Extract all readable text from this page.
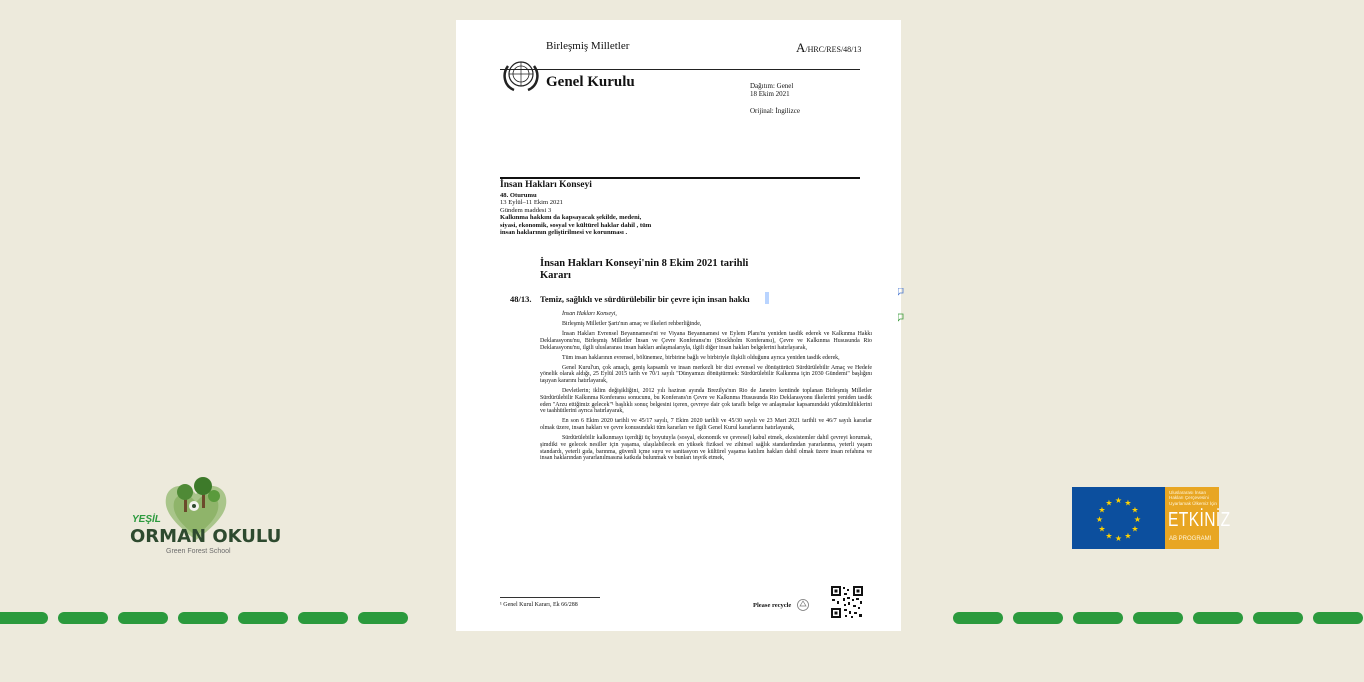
YEŞİL
ORMAN OKULU
Green Forest School
★ ★
★
★
★
★
★
★
★
★
★
★
Uluslararası İnsan Hakları Çerçevesini Uyarlamak Ülkemiz İçin
ETKİNİZ
AB PROGRAMI
Birleşmiş Milletler	A/HRC/RES/48/13
Genel Kurulu	Dağıtım: Genel
18 Ekim 2021
Orijinal: İngilizce
İnsan Hakları Konseyi
48. Oturumu
13 Eylül–11 Ekim 2021
Gündem maddesi 3
Kalkınma hakkını da kapsayacak şekilde, medeni,
siyasi, ekonomik, sosyal ve kültürel haklar dahil , tüm
insan haklarının geliştirilmesi ve korunması .
İnsan Hakları Konseyi'nin 8 Ekim 2021 tarihli
Kararı
48/13. Temiz, sağlıklı ve sürdürülebilir bir çevre için insan hakkı

İnsan Hakları Konseyi,

Birleşmiş Milletler Şartı'nın amaç ve ilkeleri rehberliğinde,

İnsan Hakları Evrensel Beyannamesi'ni ve Viyana Beyannamesi ve Eylem Planı'nı yeniden tasdik ederek ve Kalkınma Hakkı Deklarasyonu'nu, Birleşmiş Milletler İnsan ve Çevre Konferansı'nı (Stockholm Konferansı), Çevre ve Kalkınma Hususunda Rio Deklarasyonu'nu, ilgili uluslararası insan hakları anlaşmalarıyla, ilgili diğer insan hakları belgelerini hatırlayarak,

Tüm insan haklarının evrensel, bölünemez, birbirine bağlı ve birbiriyle ilişkili olduğunu ayrıca yeniden tasdik ederek,

Genel Kurul'un, çok amaçlı, geniş kapsamlı ve insan merkezli bir dizi evrensel ve dönüştürücü Sürdürülebilir Amaç ve Hedefe yönelik olarak aldığı, 25 Eylül 2015 tarih ve 70/1 sayılı "Dünyamızı dönüştürmek: Sürdürülebilir Kalkınma için 2030 Gündemi" başlığını taşıyan kararını hatırlayarak,

Devletlerin; iklim değişikliğini, 2012 yılı haziran ayında Brezilya'nın Rio de Janeiro kentinde toplanan Birleşmiş Milletler Sürdürülebilir Kalkınma Konferansı sonucunu, bu Konferans'ın Çevre ve Kalkınma Hususunda Rio Deklarasyonu ilkelerini yeniden tasdik eden "Arzu ettiğimiz gelecek"¹ başlıklı sonuç belgesini içeren, çevreye dair çok taraflı belge ve anlaşmalar kapsamındaki yükümlülüklerini ve taahhütlerini ayrıca hatırlayarak,

En son 6 Ekim 2020 tarihli ve 45/17 sayılı, 7 Ekim 2020 tarihli ve 45/30 sayılı ve 23 Mart 2021 tarihli ve 46/7 sayılı kararlar olmak üzere, insan hakları ve çevre konusundaki tüm kararları ve ilgili Genel Kurul kararlarını hatırlayarak,

Sürdürülebilir kalkınmayı içerdiği üç boyutuyla (sosyal, ekonomik ve çevresel) kabul etmek, ekosistemler dahil çevreyi korumak, şimdiki ve gelecek nesiller için yaşama, ulaşılabilecek en yüksek fiziksel ve zihinsel sağlık standardından yararlanma, yeterli yaşam standardı, yeterli gıda, barınma, güvenli içme suyu ve sanitasyon ve kültürel yaşama katılım hakları dahil olmak üzere insan refahına ve insan haklarından yararlanılmasına katkıda bulunmak ve bunları teşvik etmek,

¹ Genel Kurul Kararı, Ek 66/288	Please recycle
